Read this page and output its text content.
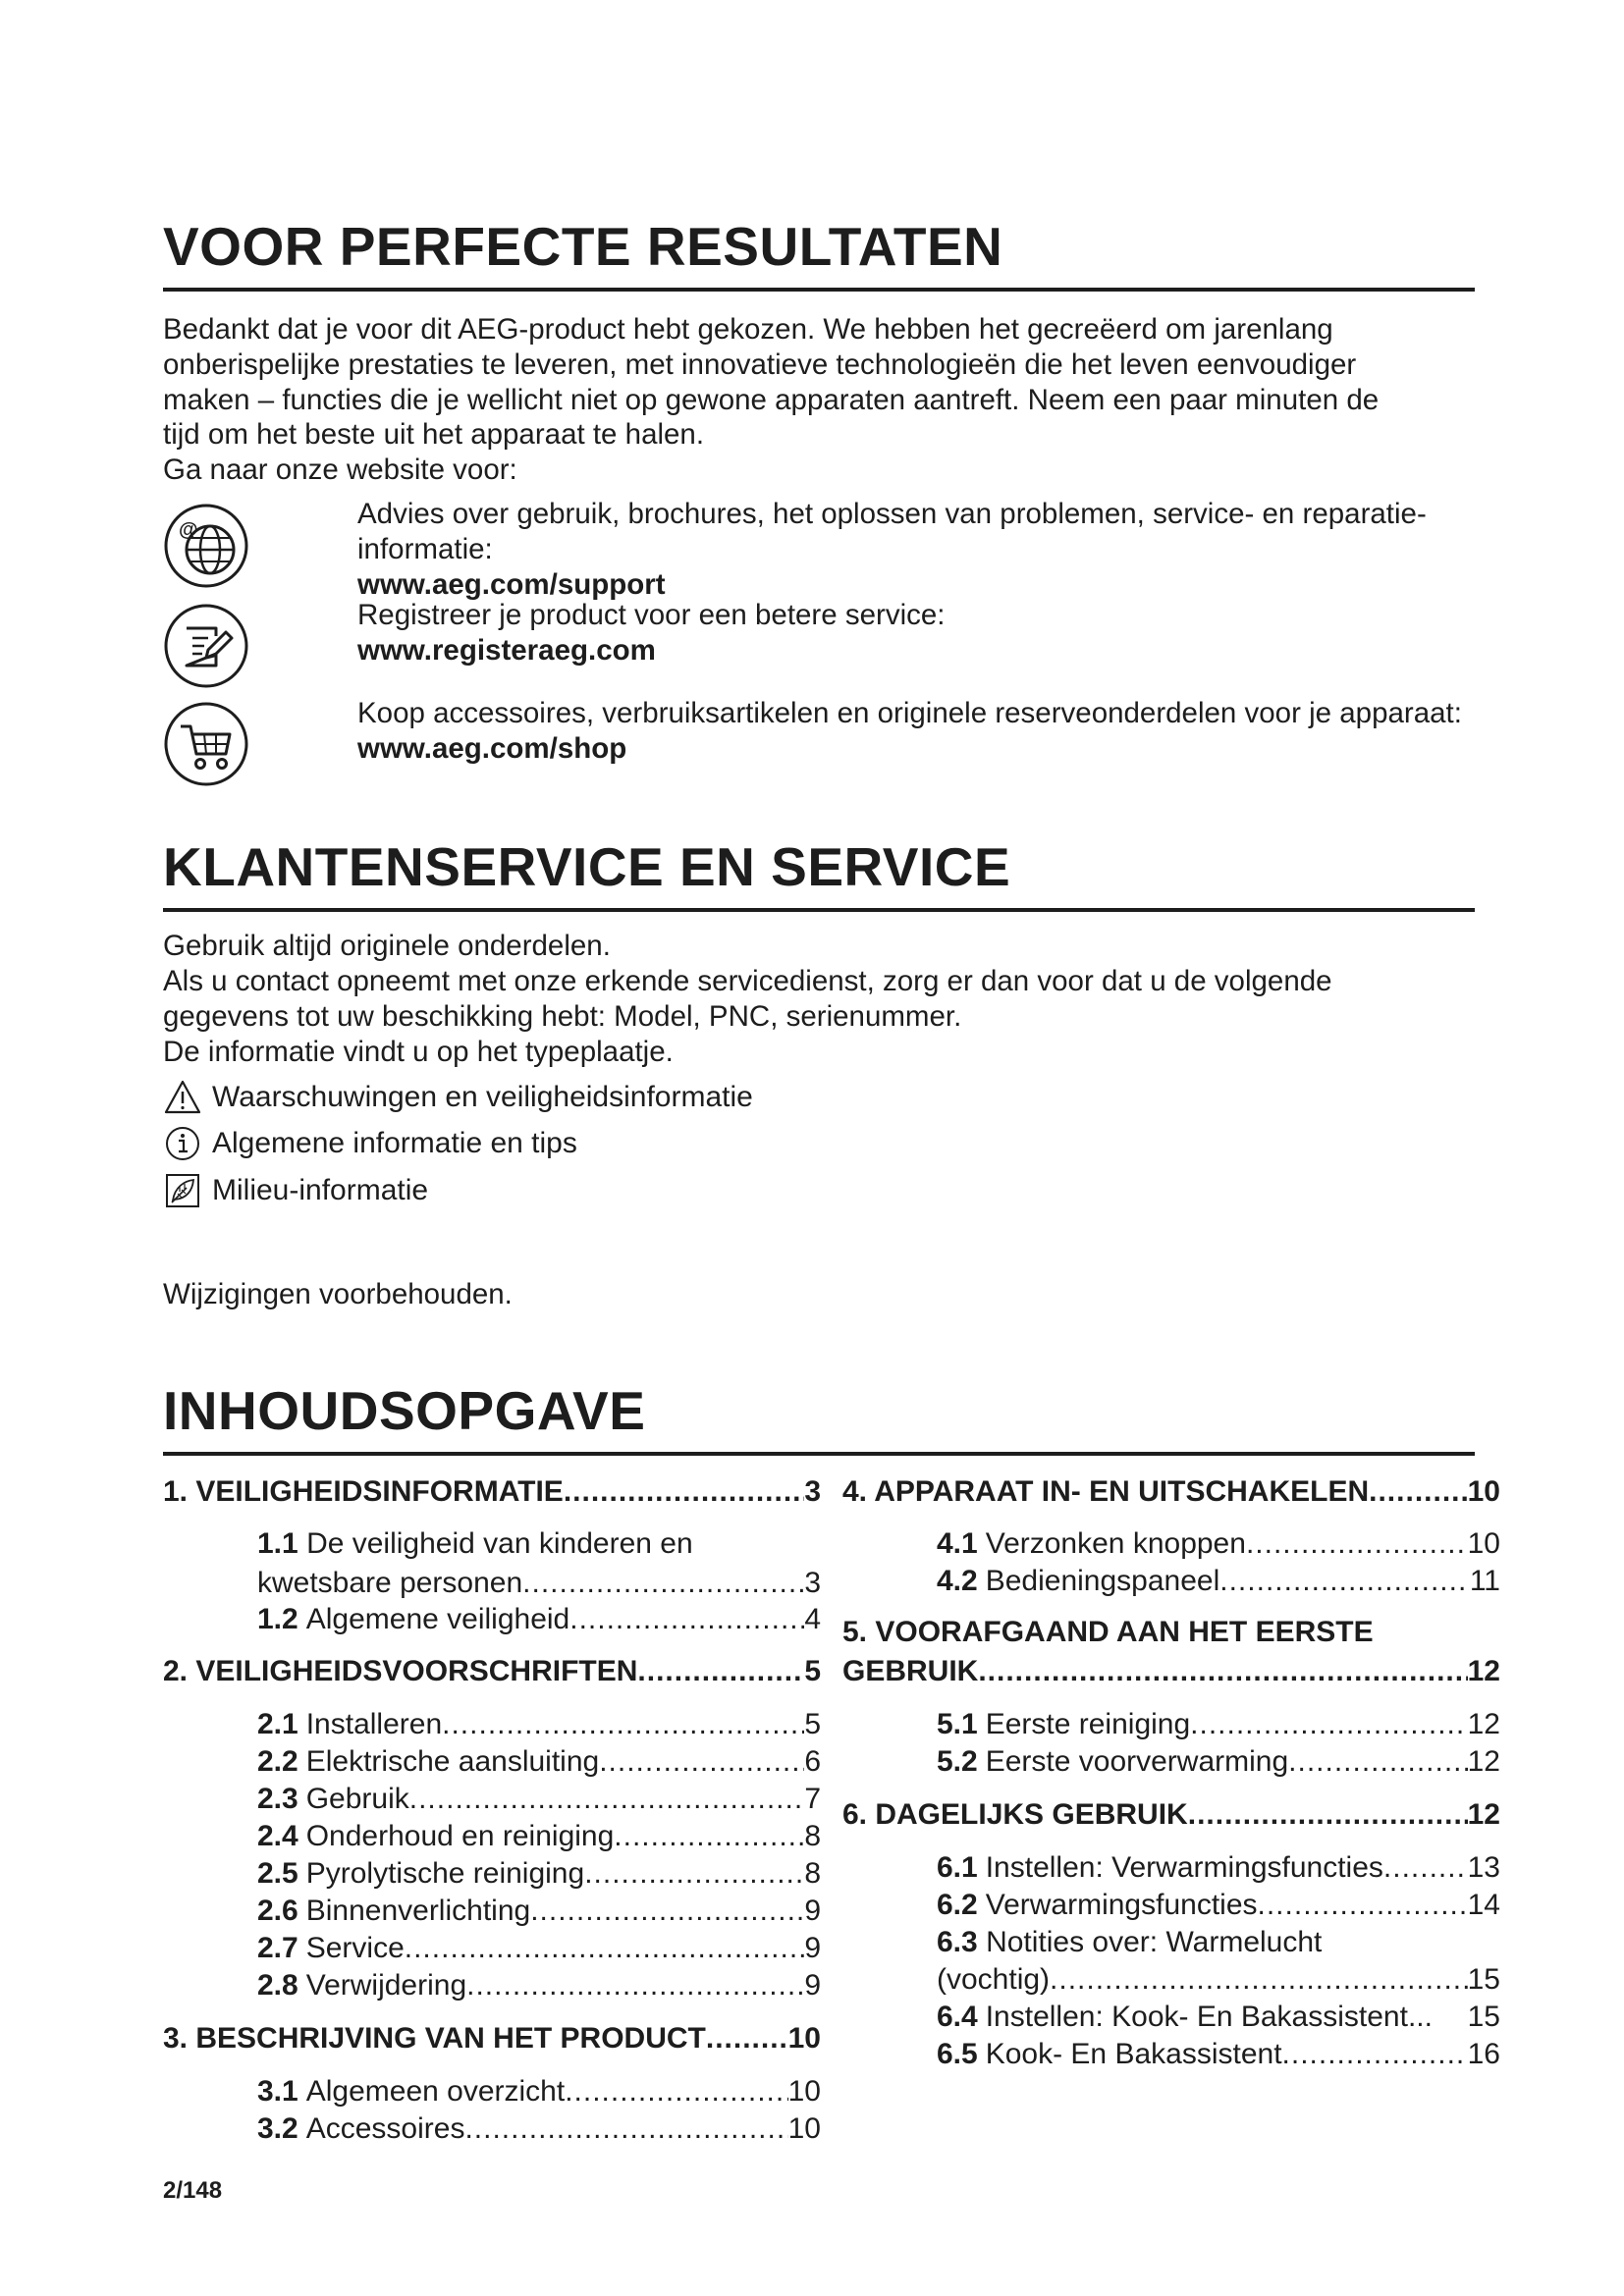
VOOR PERFECTE RESULTATEN

Bedankt dat je voor dit AEG-product hebt gekozen. We hebben het gecreëerd om jarenlang

onberispelijke prestaties te leveren, met innovatieve technologieën die het leven eenvoudiger

maken – functies die je wellicht niet op gewone apparaten aantreft. Neem een paar minuten de

tijd om het beste uit het apparaat te halen.

Ga naar onze website voor:

@	Advies over gebruik, brochures, het oplossen van problemen, service- en reparatie-
informatie:
www.aeg.com/support
Registreer je product voor een betere service:
www.registeraeg.com
Koop accessoires, verbruiksartikelen en originele reserveonderdelen voor je apparaat:
www.aeg.com/shop
KLANTENSERVICE EN SERVICE

Gebruik altijd originele onderdelen.

Als u contact opneemt met onze erkende servicedienst, zorg er dan voor dat u de volgende

gegevens tot uw beschikking hebt: Model, PNC, serienummer.

De informatie vindt u op het typeplaatje.

Waarschuwingen en veiligheidsinformatie
Algemene informatie en tips
Milieu-informatie

Wijzigingen voorbehouden.

INHOUDSOPGAVE
1. VEILIGHEIDSINFORMATIE .....	3
1.1 De veiligheid van kinderen en
kwetsbare personen .....	3
1.2 Algemene veiligheid .....	4
2. VEILIGHEIDSVOORSCHRIFTEN .....	5
2.1 Installeren .....	5
2.2 Elektrische aansluiting .....	6
2.3 Gebruik .....	7
2.4 Onderhoud en reiniging .....	8
2.5 Pyrolytische reiniging .....	8
2.6 Binnenverlichting .....	9
2.7 Service .....	9
2.8 Verwijdering .....	9
3. BESCHRIJVING VAN HET PRODUCT .....	10
3.1 Algemeen overzicht .....	10
3.2 Accessoires .....	10
4. APPARAAT IN- EN UITSCHAKELEN .....	10
4.1 Verzonken knoppen .....	10
4.2 Bedieningspaneel .....	11
5. VOORAFGAAND AAN HET EERSTE
GEBRUIK .....	12
5.1 Eerste reiniging .....	12
5.2 Eerste voorverwarming .....	12
6. DAGELIJKS GEBRUIK .....	12
6.1 Instellen: Verwarmingsfuncties .....	13
6.2 Verwarmingsfuncties .....	14
6.3 Notities over: Warmelucht
(vochtig) .....	15
6.4 Instellen: Kook- En Bakassistent... 15
6.5 Kook- En Bakassistent .....	16
2/148
